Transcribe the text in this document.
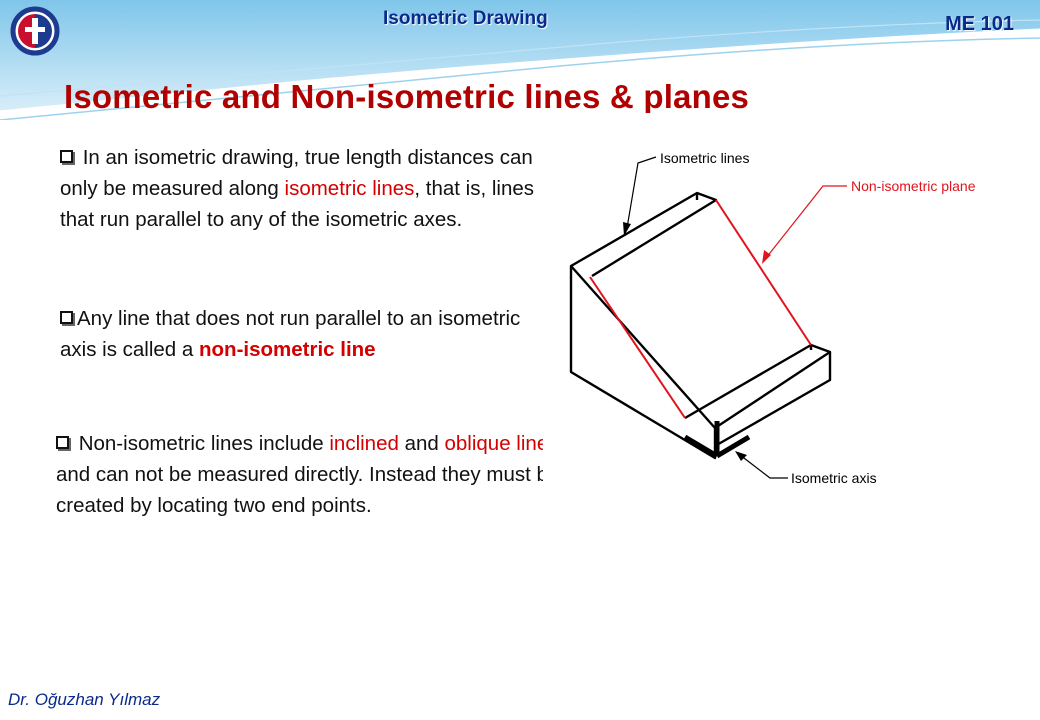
Isometric Drawing	ME 101
Isometric and Non-isometric lines & planes
In an isometric drawing, true length distances can only be measured along isometric lines, that is, lines that run parallel to any of the isometric axes.
Any line that does not run parallel to an isometric axis is called a non-isometric line
Non-isometric lines include inclined and oblique lines and can not be measured directly. Instead they must be created by locating two end points.
Isometric lines
Non-isometric plane
Isometric axis
Dr. Oğuzhan Yılmaz
